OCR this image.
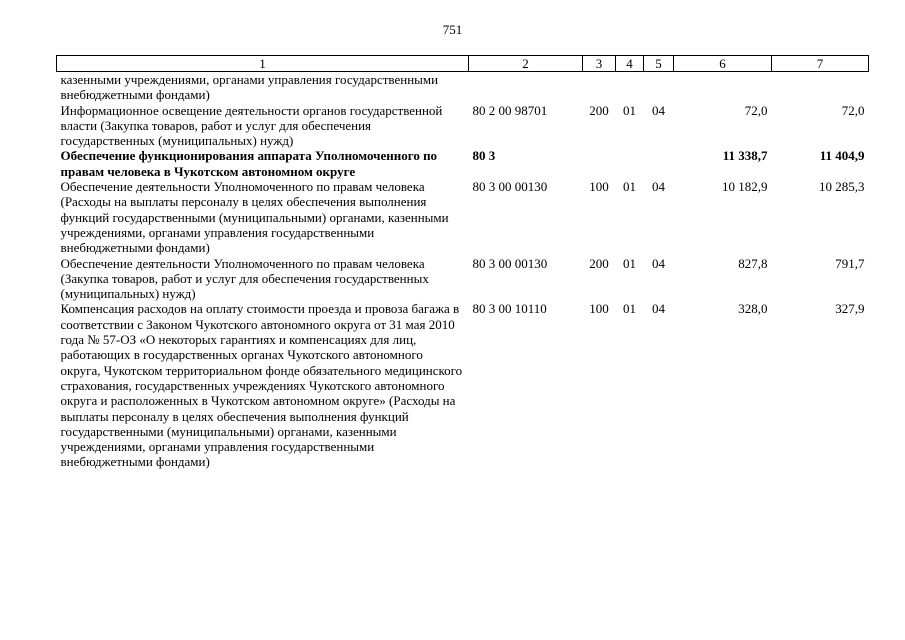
751
1	2	3	4	5	6	7
казенными учреждениями, органами управления государственными внебюджетными фондами)						
Информационное освещение деятельности органов государственной власти (Закупка товаров, работ и услуг для обеспечения государственных (муниципальных) нужд)	80 2 00 98701	200	01	04	72,0	72,0
Обеспечение функционирования аппарата Уполномоченного по правам человека в Чукотском автономном округе	80 3				11 338,7	11 404,9
Обеспечение деятельности Уполномоченного по правам человека (Расходы на выплаты персоналу в целях обеспечения выполнения функций государственными (муниципальными) органами, казенными учреждениями, органами управления государственными внебюджетными фондами)	80 3 00 00130	100	01	04	10 182,9	10 285,3
Обеспечение деятельности Уполномоченного по правам человека (Закупка товаров, работ и услуг для обеспечения государственных (муниципальных) нужд)	80 3 00 00130	200	01	04	827,8	791,7
Компенсация расходов на оплату стоимости проезда и провоза багажа в соответствии с Законом Чукотского автономного округа от 31 мая 2010 года № 57-ОЗ «О некоторых гарантиях и компенсациях для лиц, работающих в государственных органах Чукотского автономного округа, Чукотском территориальном фонде обязательного медицинского страхования, государственных учреждениях Чукотского автономного округа и расположенных в Чукотском автономном округе» (Расходы на выплаты персоналу в целях обеспечения выполнения функций государственными (муниципальными) органами, казенными учреждениями, органами управления государственными внебюджетными фондами)	80 3 00 10110	100	01	04	328,0	327,9
